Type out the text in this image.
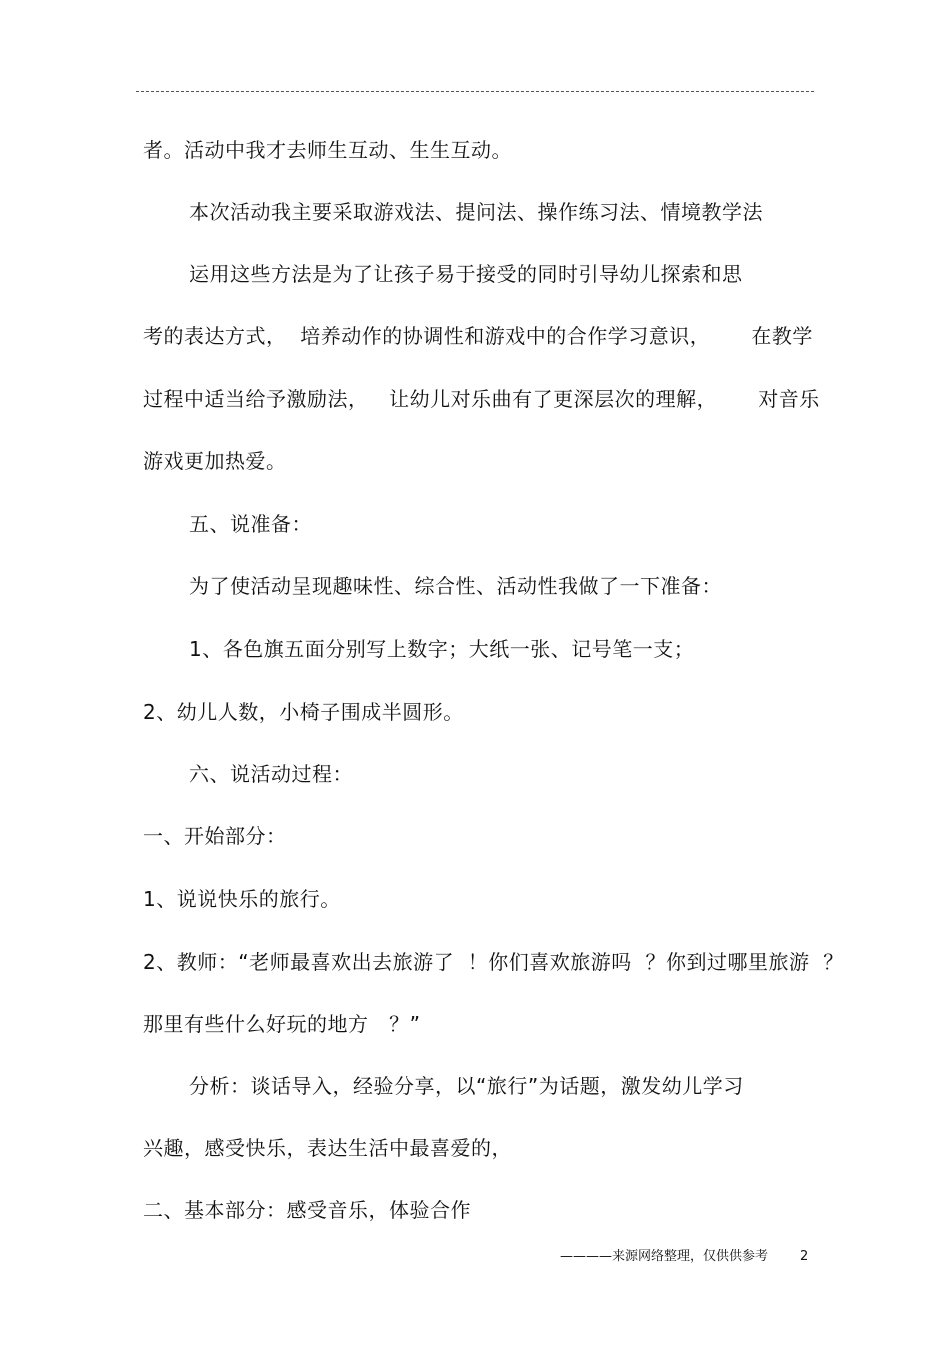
者。活动中我才去师生互动、生生互动。
本次活动我主要采取游戏法、提问法、操作练习法、情境教学法
运用这些方法是为了让孩子易于接受的同时引导幼儿探索和思
考的表达方式，  培养动作的协调性和游戏中的合作学习意识，      在教学
过程中适当给予激励法，   让幼儿对乐曲有了更深层次的理解，      对音乐
游戏更加热爱。
五、说准备：
为了使活动呈现趣味性、综合性、活动性我做了一下准备：
1、各色旗五面分别写上数字；大纸一张、记号笔一支；
2、幼儿人数，小椅子围成半圆形。
六、说活动过程：
一、开始部分：
1、说说快乐的旅行。
2、教师：“老师最喜欢出去旅游了  ！你们喜欢旅游吗  ？你到过哪里旅游  ？
那里有些什么好玩的地方   ？”
分析：谈话导入，经验分享，以“旅行”为话题，激发幼儿学习
兴趣，感受快乐，表达生活中最喜爱的，
二、基本部分：感受音乐，体验合作
————来源网络整理，仅供供参考 2
